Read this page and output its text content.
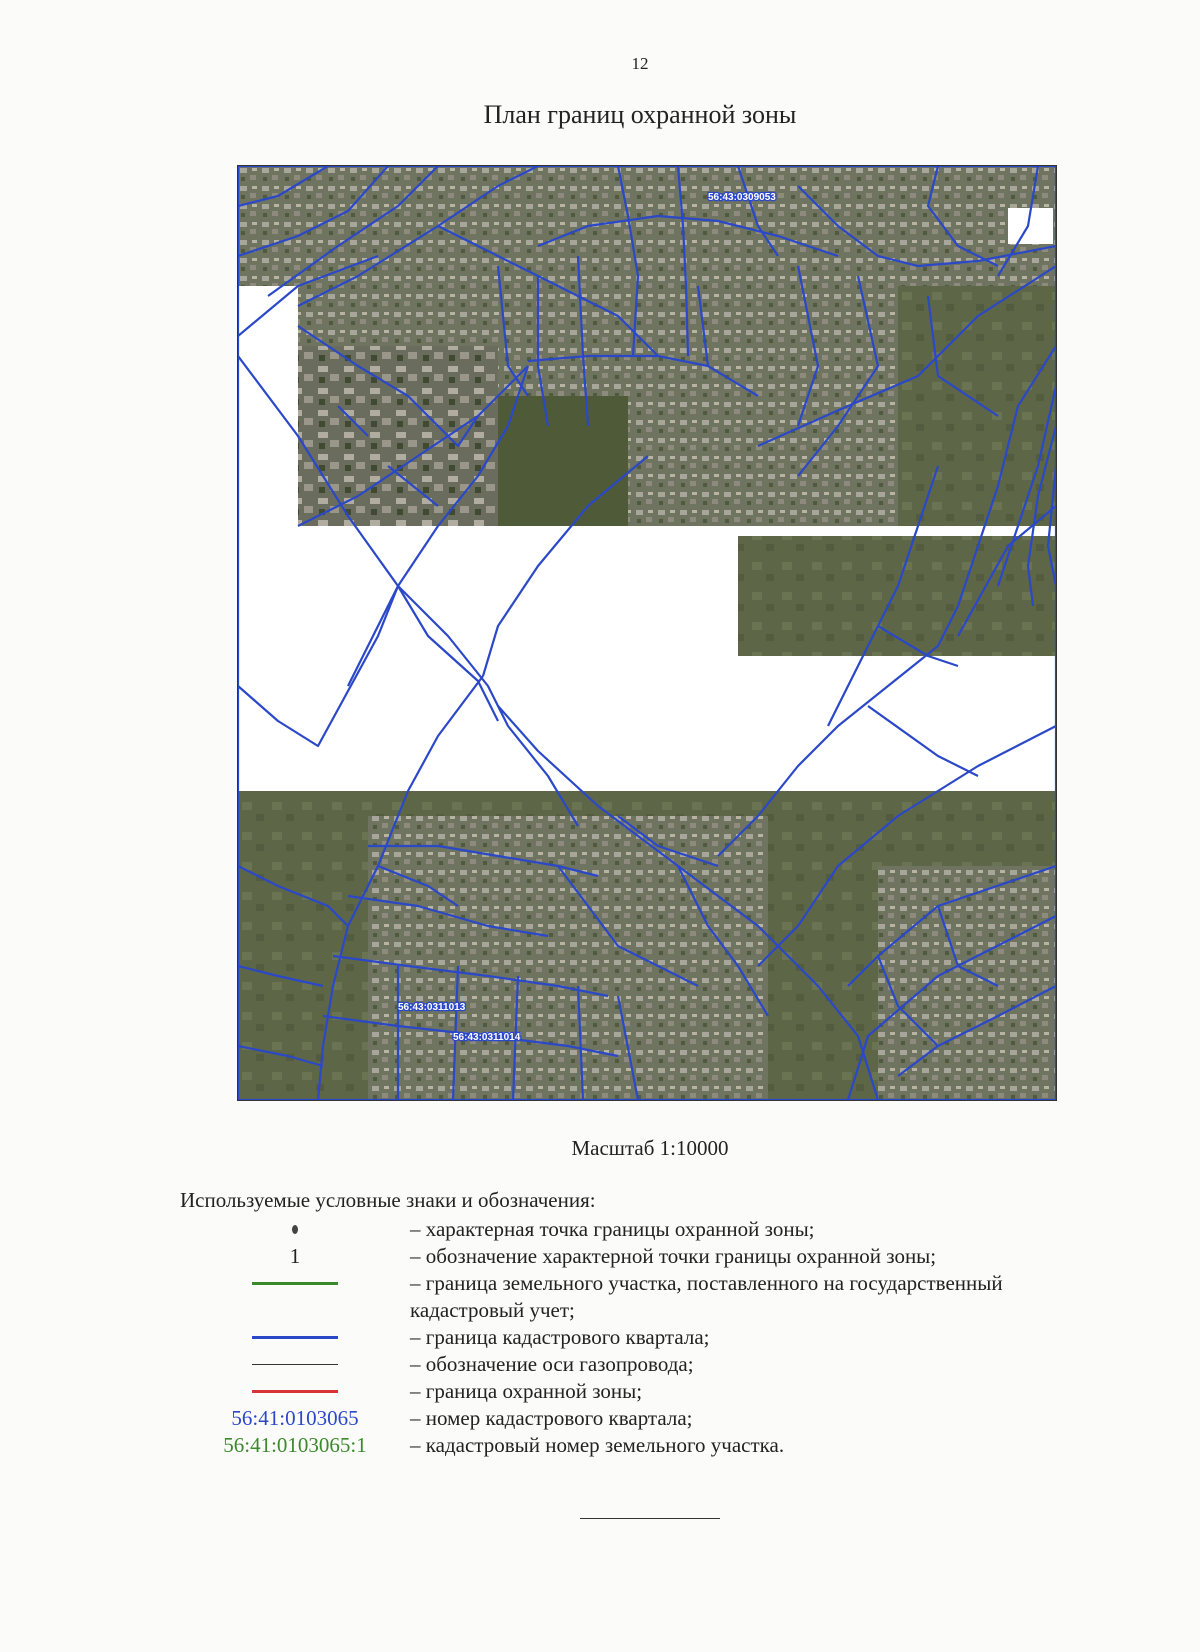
12
План границ охранной зоны
56:43:0309053
56:43:0311013
56:43:0311014
Масштаб 1:10000
Используемые условные знаки и обозначения:
– характерная точка границы охранной зоны;
1	– обозначение характерной точки границы охранной зоны;
– граница земельного участка, поставленного на государственный кадастровый учет;
– граница кадастрового квартала;
– обозначение оси газопровода;
– граница охранной зоны;
56:41:0103065 – номер кадастрового квартала;
56:41:0103065:1 – кадастровый номер земельного участка.
